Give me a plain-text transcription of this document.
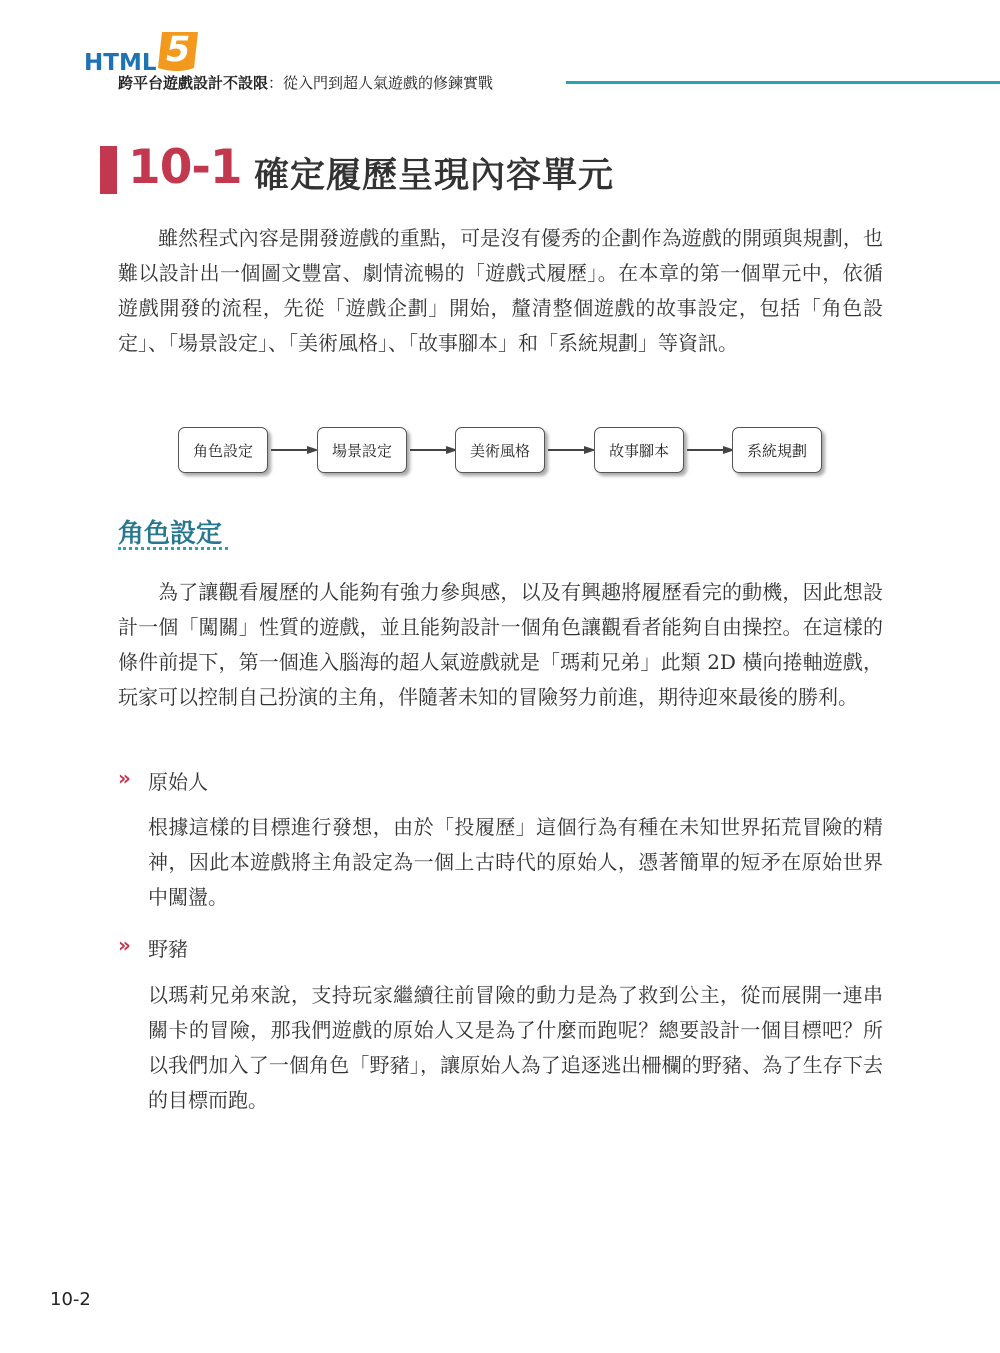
HTML 5
跨平台遊戲設計不設限：從入門到超人氣遊戲的修鍊實戰
10-1 確定履歷呈現內容單元

雖然程式內容是開發遊戲的重點，可是沒有優秀的企劃作為遊戲的開頭與規劃，也難以設計出一個圖文豐富、劇情流暢的「遊戲式履歷」。在本章的第一個單元中，依循遊戲開發的流程，先從「遊戲企劃」開始，釐清整個遊戲的故事設定，包括「角色設定」、「場景設定」、「美術風格」、「故事腳本」和「系統規劃」等資訊。

角色設定	場景設定	美術風格	故事腳本	系統規劃
角色設定

為了讓觀看履歷的人能夠有強力參與感，以及有興趣將履歷看完的動機，因此想設計一個「闖關」性質的遊戲，並且能夠設計一個角色讓觀看者能夠自由操控。在這樣的條件前提下，第一個進入腦海的超人氣遊戲就是「瑪莉兄弟」此類 2D 橫向捲軸遊戲，玩家可以控制自己扮演的主角，伴隨著未知的冒險努力前進，期待迎來最後的勝利。

» 原始人

根據這樣的目標進行發想，由於「投履歷」這個行為有種在未知世界拓荒冒險的精神，因此本遊戲將主角設定為一個上古時代的原始人，憑著簡單的短矛在原始世界中闖盪。

» 野豬

以瑪莉兄弟來說，支持玩家繼續往前冒險的動力是為了救到公主，從而展開一連串關卡的冒險，那我們遊戲的原始人又是為了什麼而跑呢？總要設計一個目標吧？所以我們加入了一個角色「野豬」，讓原始人為了追逐逃出柵欄的野豬、為了生存下去的目標而跑。

10-2
